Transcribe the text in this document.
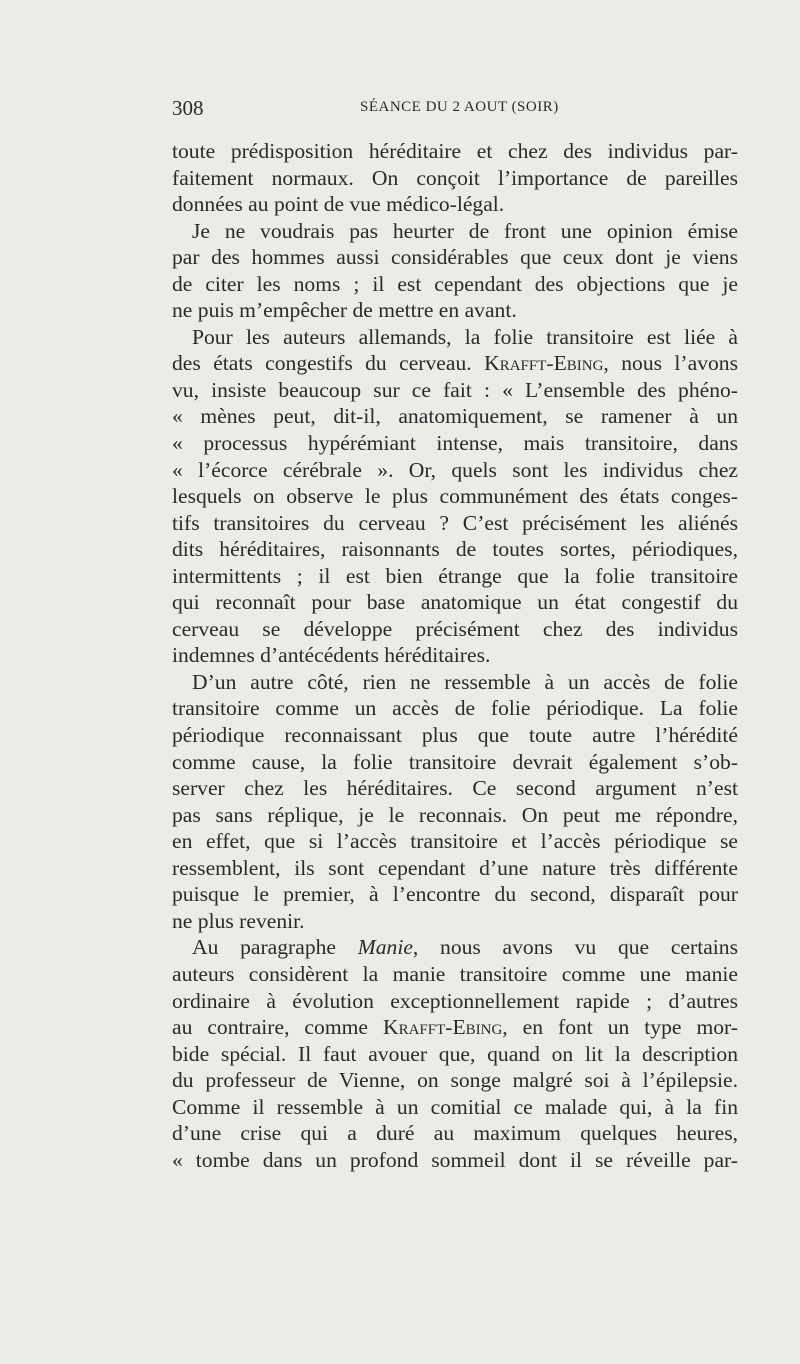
308	SÉANCE DU 2 AOUT (SOIR)
toute prédisposition héréditaire et chez des individus par-
faitement normaux. On conçoit l’importance de pareilles
données au point de vue médico-légal.
Je ne voudrais pas heurter de front une opinion émise
par des hommes aussi considérables que ceux dont je viens
de citer les noms ; il est cependant des objections que je
ne puis m’empêcher de mettre en avant.
Pour les auteurs allemands, la folie transitoire est liée à
des états congestifs du cerveau. Krafft-Ebing, nous l’avons
vu, insiste beaucoup sur ce fait : « L’ensemble des phéno-
« mènes peut, dit-il, anatomiquement, se ramener à un
« processus hypérémiant intense, mais transitoire, dans
« l’écorce cérébrale ». Or, quels sont les individus chez
lesquels on observe le plus communément des états conges-
tifs transitoires du cerveau ? C’est précisément les aliénés
dits héréditaires, raisonnants de toutes sortes, périodiques,
intermittents ; il est bien étrange que la folie transitoire
qui reconnaît pour base anatomique un état congestif du
cerveau se développe précisément chez des individus
indemnes d’antécédents héréditaires.
D’un autre côté, rien ne ressemble à un accès de folie
transitoire comme un accès de folie périodique. La folie
périodique reconnaissant plus que toute autre l’hérédité
comme cause, la folie transitoire devrait également s’ob-
server chez les héréditaires. Ce second argument n’est
pas sans réplique, je le reconnais. On peut me répondre,
en effet, que si l’accès transitoire et l’accès périodique se
ressemblent, ils sont cependant d’une nature très différente
puisque le premier, à l’encontre du second, disparaît pour
ne plus revenir.
Au paragraphe Manie, nous avons vu que certains
auteurs considèrent la manie transitoire comme une manie
ordinaire à évolution exceptionnellement rapide ; d’autres
au contraire, comme Krafft-Ebing, en font un type mor-
bide spécial. Il faut avouer que, quand on lit la description
du professeur de Vienne, on songe malgré soi à l’épilepsie.
Comme il ressemble à un comitial ce malade qui, à la fin
d’une crise qui a duré au maximum quelques heures,
« tombe dans un profond sommeil dont il se réveille par-
